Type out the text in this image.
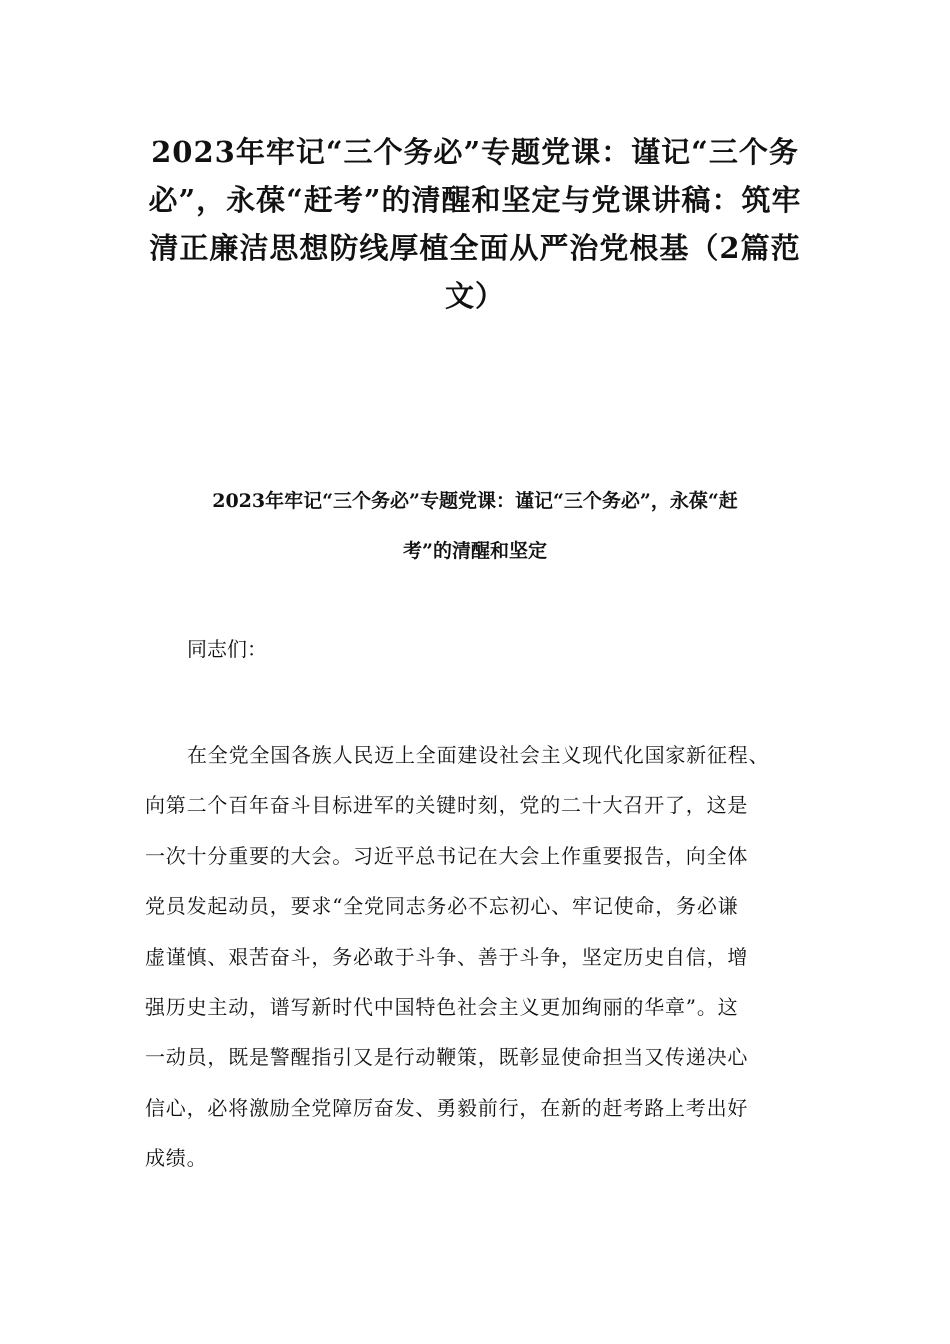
2023年牢记“三个务必”专题党课：谨记“三个务
必”，永葆“赶考”的清醒和坚定与党课讲稿：筑牢
清正廉洁思想防线厚植全面从严治党根基（2篇范
文）
2023年牢记“三个务必”专题党课：谨记“三个务必”，永葆“赶
考”的清醒和坚定

同志们：

在全党全国各族人民迈上全面建设社会主义现代化国家新征程、
向第二个百年奋斗目标进军的关键时刻，党的二十大召开了，这是
一次十分重要的大会。习近平总书记在大会上作重要报告，向全体
党员发起动员，要求“全党同志务必不忘初心、牢记使命，务必谦
虚谨慎、艰苦奋斗，务必敢于斗争、善于斗争，坚定历史自信，增
强历史主动，谱写新时代中国特色社会主义更加绚丽的华章”。这
一动员，既是警醒指引又是行动鞭策，既彰显使命担当又传递决心
信心，必将激励全党障厉奋发、勇毅前行，在新的赶考路上考出好
成绩。
